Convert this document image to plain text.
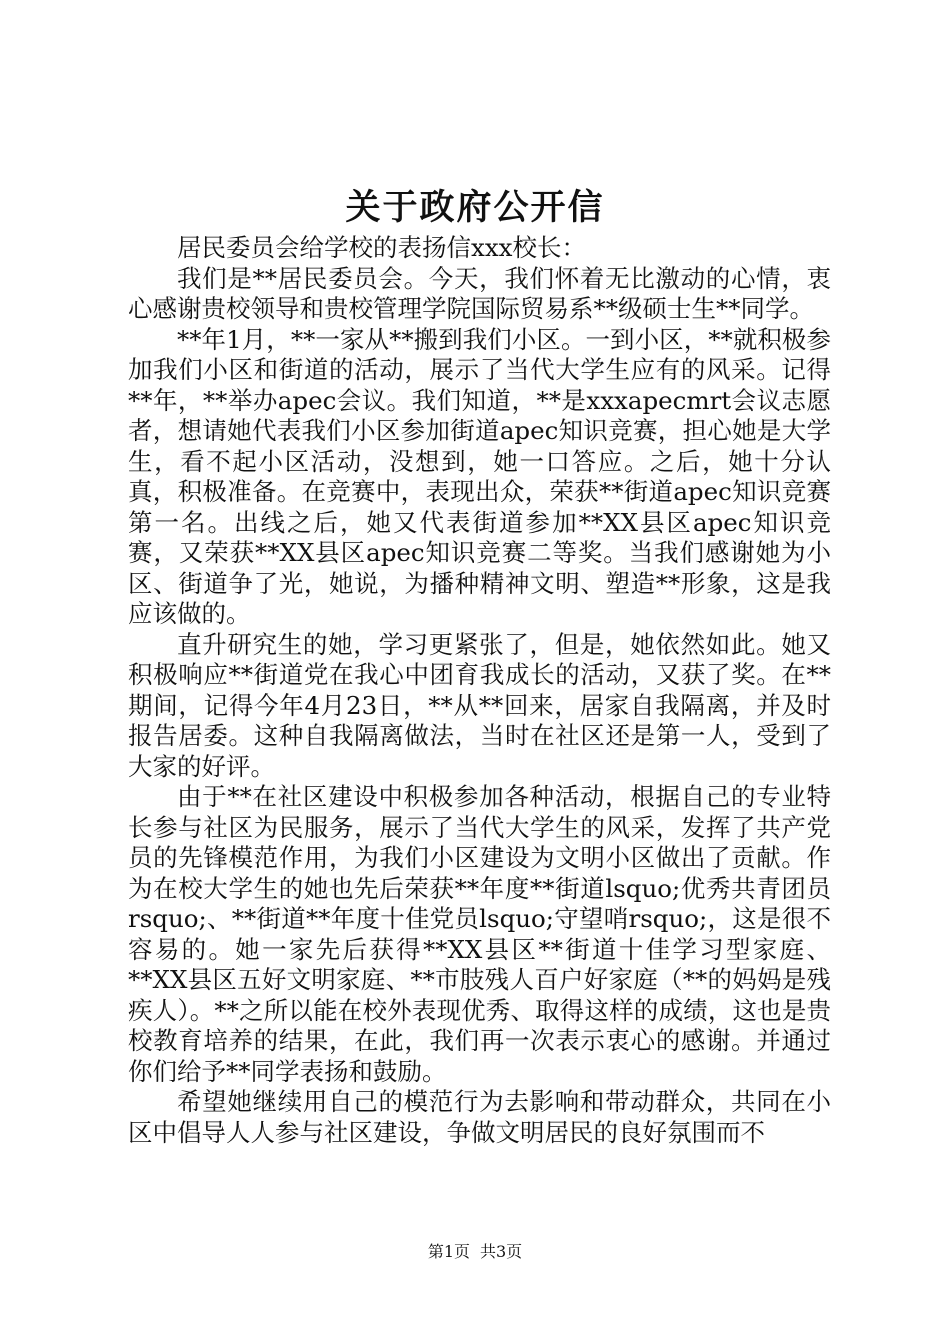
关于政府公开信

居民委员会给学校的表扬信xxx校长：

我们是**居民委员会。今天，我们怀着无比激动的心情，衷心感谢贵校领导和贵校管理学院国际贸易系**级硕士生**同学。

**年1月，**一家从**搬到我们小区。一到小区，**就积极参加我们小区和街道的活动，展示了当代大学生应有的风采。记得**年，**举办apec会议。我们知道，**是xxxapecmrt会议志愿者，想请她代表我们小区参加街道apec知识竞赛，担心她是大学生，看不起小区活动，没想到，她一口答应。之后，她十分认真，积极准备。在竞赛中，表现出众，荣获**街道apec知识竞赛第一名。出线之后，她又代表街道参加**XX县区apec知识竞赛，又荣获**XX县区apec知识竞赛二等奖。当我们感谢她为小区、街道争了光，她说，为播种精神文明、塑造**形象，这是我应该做的。

直升研究生的她，学习更紧张了，但是，她依然如此。她又积极响应**街道党在我心中团育我成长的活动，又获了奖。在**期间，记得今年4月23日，**从**回来，居家自我隔离，并及时报告居委。这种自我隔离做法，当时在社区还是第一人，受到了大家的好评。

由于**在社区建设中积极参加各种活动，根据自己的专业特长参与社区为民服务，展示了当代大学生的风采，发挥了共产党员的先锋模范作用，为我们小区建设为文明小区做出了贡献。作为在校大学生的她也先后荣获**年度**街道lsquo;优秀共青团员rsquo;、**街道**年度十佳党员lsquo;守望哨rsquo;，这是很不容易的。她一家先后获得**XX县区**街道十佳学习型家庭、**XX县区五好文明家庭、**市肢残人百户好家庭（**的妈妈是残疾人）。**之所以能在校外表现优秀、取得这样的成绩，这也是贵校教育培养的结果，在此，我们再一次表示衷心的感谢。并通过你们给予**同学表扬和鼓励。

希望她继续用自己的模范行为去影响和带动群众，共同在小区中倡导人人参与社区建设，争做文明居民的良好氛围而不

第1页 共3页
